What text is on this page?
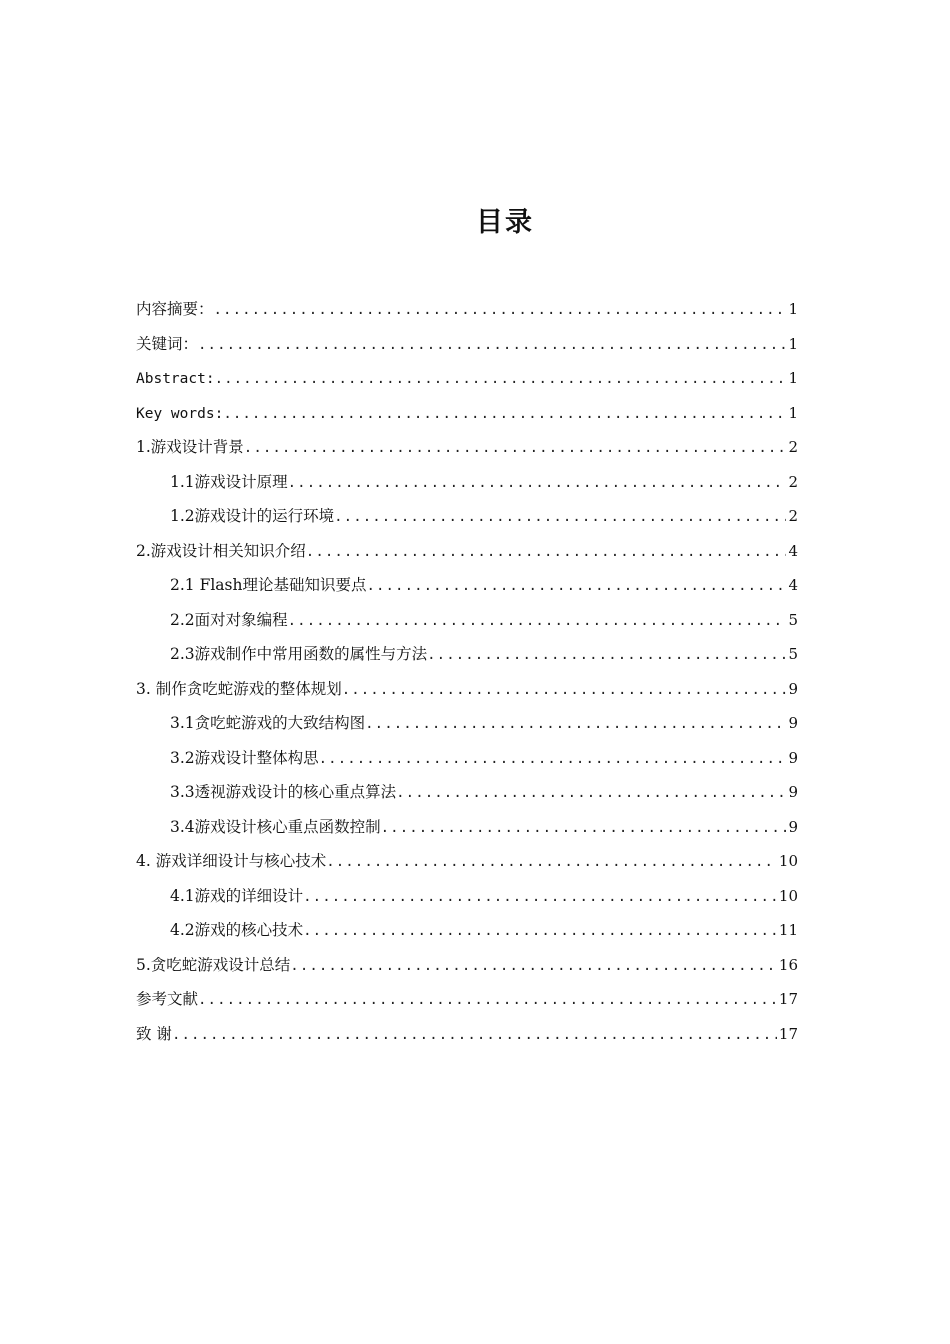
目录
内容摘要： .....	1
关键词： .....	1
Abstract: .....	1
Key words: .....	1
1.游戏设计背景 .....	2
1.1游戏设计原理 .....	2
1.2游戏设计的运行环境 .....	2
2.游戏设计相关知识介绍 .....	4
2.1 Flash理论基础知识要点 .....	4
2.2面对对象编程 .....	5
2.3游戏制作中常用函数的属性与方法 .....	5
3. 制作贪吃蛇游戏的整体规划 .....	9
3.1贪吃蛇游戏的大致结构图 .....	9
3.2游戏设计整体构思 .....	9
3.3透视游戏设计的核心重点算法 .....	9
3.4游戏设计核心重点函数控制 .....	9
4. 游戏详细设计与核心技术 .....	10
4.1游戏的详细设计 .....	10
4.2游戏的核心技术 .....	11
5.贪吃蛇游戏设计总结 .....	16
参考文献 .....	17
致 谢 .....	17
